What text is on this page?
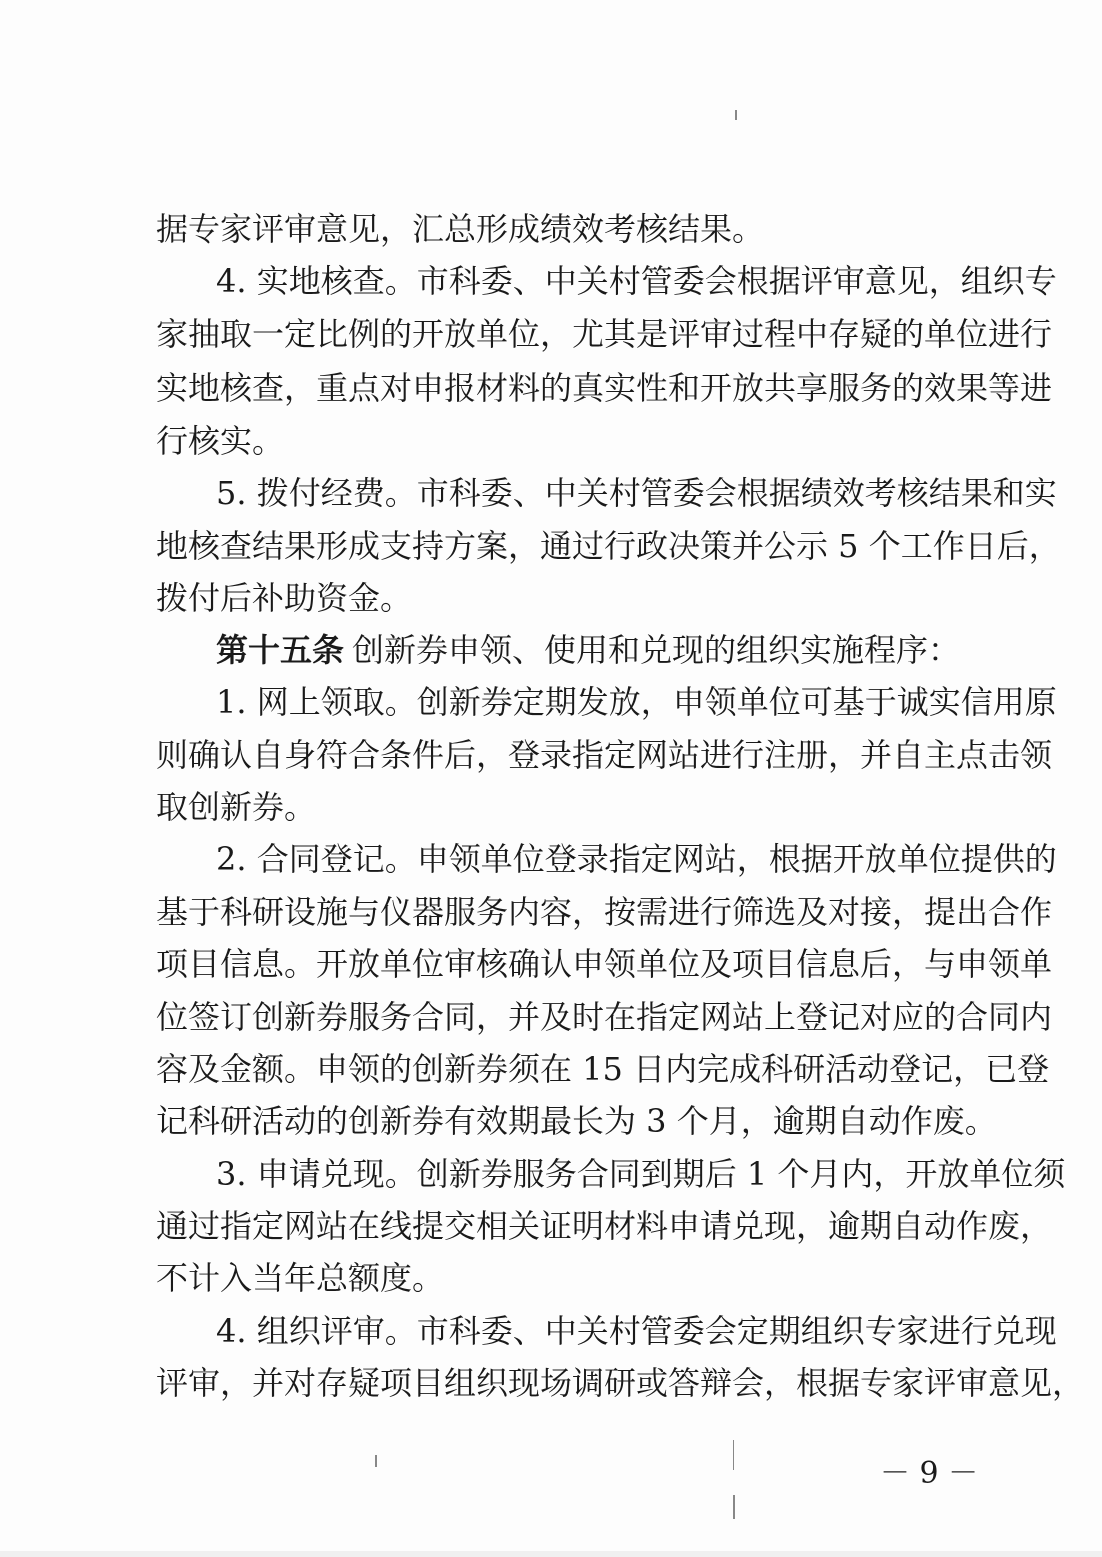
据专家评审意见，汇总形成绩效考核结果。
4. 实地核查。市科委、中关村管委会根据评审意见，组织专
家抽取一定比例的开放单位，尤其是评审过程中存疑的单位进行
实地核查，重点对申报材料的真实性和开放共享服务的效果等进
行核实。
5. 拨付经费。市科委、中关村管委会根据绩效考核结果和实
地核查结果形成支持方案，通过行政决策并公示 5 个工作日后，
拨付后补助资金。
第十五条 创新券申领、使用和兑现的组织实施程序：
1. 网上领取。创新券定期发放，申领单位可基于诚实信用原
则确认自身符合条件后，登录指定网站进行注册，并自主点击领
取创新券。
2. 合同登记。申领单位登录指定网站，根据开放单位提供的
基于科研设施与仪器服务内容，按需进行筛选及对接，提出合作
项目信息。开放单位审核确认申领单位及项目信息后，与申领单
位签订创新券服务合同，并及时在指定网站上登记对应的合同内
容及金额。申领的创新券须在 15 日内完成科研活动登记，已登
记科研活动的创新券有效期最长为 3 个月，逾期自动作废。
3. 申请兑现。创新券服务合同到期后 1 个月内，开放单位须
通过指定网站在线提交相关证明材料申请兑现，逾期自动作废，
不计入当年总额度。
4. 组织评审。市科委、中关村管委会定期组织专家进行兑现
评审，并对存疑项目组织现场调研或答辩会，根据专家评审意见，
－ 9 －
